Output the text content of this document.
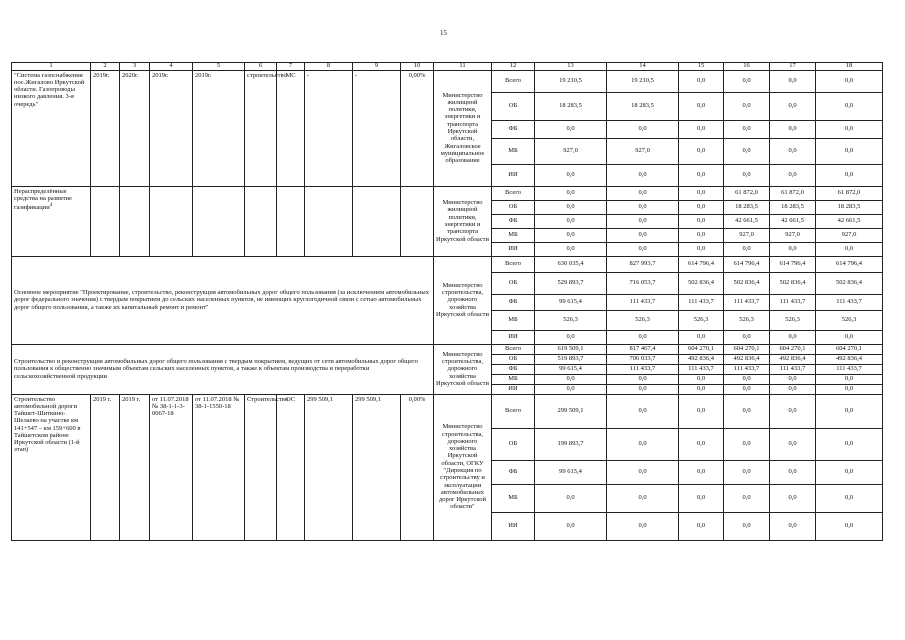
15
1	2	3	4	5	6	7	8	9	10	11	12	13	14	15	16	17	18
"Система газоснабжения пос.Жигалово Иркутской области. Газопроводы низкого давления. 3-я очередь"	2019г.	2020г.	2019г.	2019г.	строительство	МС	-	-	0,00%	Министерство жилищной политики, энергетики и транспорта Иркутской области, Жигаловское муниципальное образование	Всего	19 210,5	19 210,5	0,0	0,0	0,0	0,0
											ОБ	18 283,5	18 283,5	0,0	0,0	0,0	0,0
											ФБ	0,0	0,0	0,0	0,0	0,0	0,0
											МБ	927,0	927,0	0,0	0,0	0,0	0,0
											ИИ	0,0	0,0	0,0	0,0	0,0	0,0
Нераспределённые средства на развитие газификации$^4$										Министерство жилищной политики, энергетики и транспорта Иркутской области	Всего	0,0	0,0	0,0	61 872,0	61 872,0	61 872,0
											ОБ	0,0	0,0	0,0	18 283,5	18 283,5	18 283,5
											ФБ	0,0	0,0	0,0	42 661,5	42 661,5	42 661,5
											МБ	0,0	0,0	0,0	927,0	927,0	927,0
											ИИ	0,0	0,0	0,0	0,0	0,0	0,0
Основное мероприятие "Проектирование, строительство, реконструкция автомобильных дорог общего пользования (за исключением автомобильных дорог федерального значения) с твердым покрытием до сельских населенных пунктов, не имеющих круглогодичной связи с сетью автомобильных дорог общего пользования, а также их капитальный ремонт и ремонт"										Министерство строительства, дорожного хозяйства Иркутской области	Всего	630 035,4	827 993,7	614 796,4	614 796,4	614 796,4	614 796,4
											ОБ	529 893,7	716 053,7	502 836,4	502 836,4	502 836,4	502 836,4
											ФБ	99 615,4	111 433,7	111 433,7	111 433,7	111 433,7	111 433,7
											МБ	526,3	526,3	526,3	526,3	526,3	526,3
											ИИ	0,0	0,0	0,0	0,0	0,0	0,0
Строительство и реконструкция автомобильных дорог общего пользования с твердым покрытием, ведущих от сети автомобильных дорог общего пользования к общественно значимым объектам сельских населенных пунктов, а также к объектам производства и переработки сельскохозяйственной продукции										Министерство строительства, дорожного хозяйства Иркутской области	Всего	619 509,1	817 467,4	604 270,1	604 270,1	604 270,1	604 270,1
											ОБ	519 893,7	706 033,7	492 836,4	492 836,4	492 836,4	492 836,4
											ФБ	99 615,4	111 433,7	111 433,7	111 433,7	111 433,7	111 433,7
											МБ	0,0	0,0	0,0	0,0	0,0	0,0
											ИИ	0,0	0,0	0,0	0,0	0,0	0,0
Строительство автомобильной дороги Тайшет-Шиткино-Шелаево на участке км 141+547 – км 159+600 в Тайшетском районе Иркутской области (1-й этап)	2019 г.	2019 г.	от 11.07.2018 № 38-1-1-3-0067-18	от 11.07.2018 № 38-1-1550-18	Строительство	ОС	299 509,1	299 509,1	0,00%	Министерство строительства, дорожного хозяйства Иркутской области, ОГКУ "Дирекция по строительству и эксплуатации автомобильных дорог Иркутской области"	Всего	299 509,1	0,0	0,0	0,0	0,0	0,0
											ОБ	199 893,7	0,0	0,0	0,0	0,0	0,0
											ФБ	99 615,4	0,0	0,0	0,0	0,0	0,0
											МБ	0,0	0,0	0,0	0,0	0,0	0,0
											ИИ	0,0	0,0	0,0	0,0	0,0	0,0
